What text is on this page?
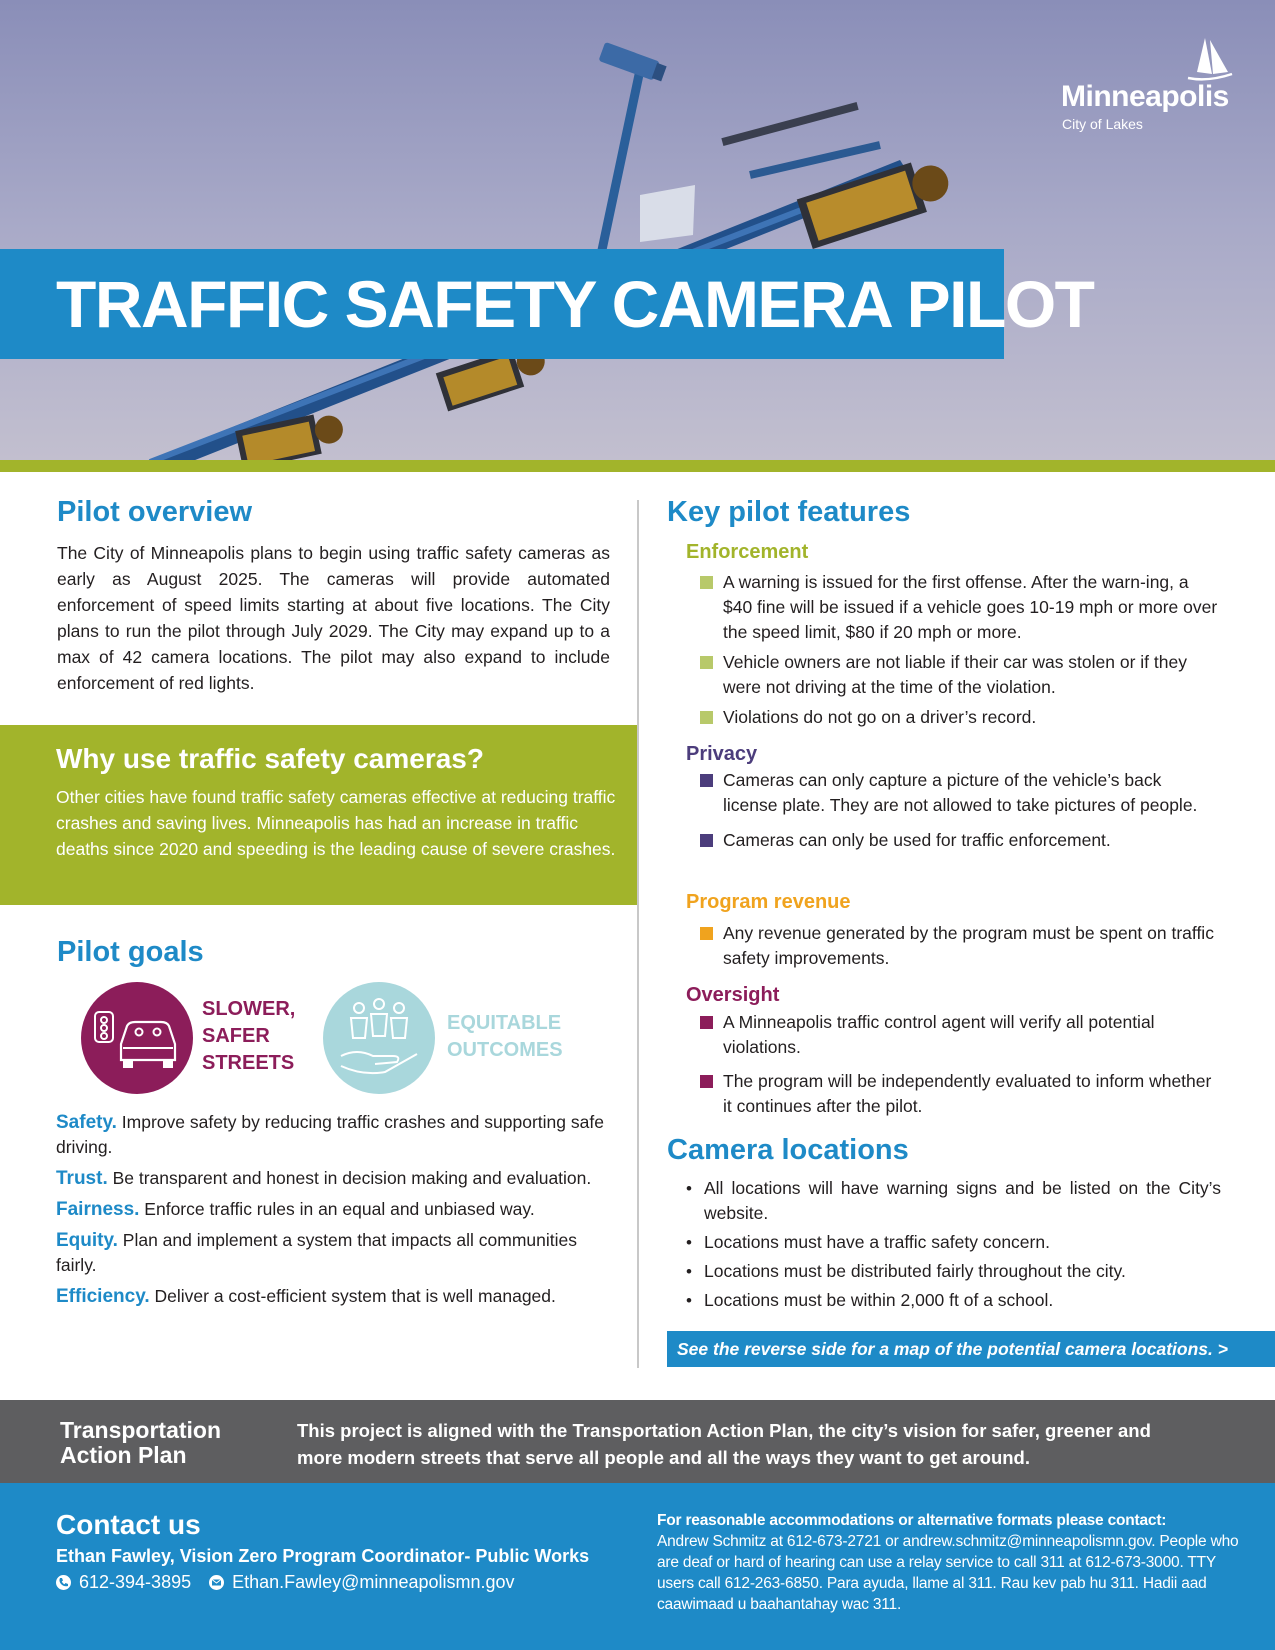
TRAFFIC SAFETY CAMERA PILOT
Minneapolis
City of Lakes
Pilot overview
The City of Minneapolis plans to begin using traffic safety cameras as early as August 2025. The cameras will provide automated enforcement of speed limits starting at about five locations. The City plans to run the pilot through July 2029. The City may expand up to a max of 42 camera locations. The pilot may also expand to include enforcement of red lights.
Why use traffic safety cameras?
Other cities have found traffic safety cameras effective at reducing traffic crashes and saving lives. Minneapolis has had an increase in traffic deaths since 2020 and speeding is the leading cause of severe crashes.
Pilot goals
SLOWER,
SAFER
STREETS
EQUITABLE
OUTCOMES
Safety. Improve safety by reducing traffic crashes and supporting safe driving.
Trust. Be transparent and honest in decision making and evaluation.
Fairness. Enforce traffic rules in an equal and unbiased way.
Equity. Plan and implement a system that impacts all communities fairly.
Efficiency. Deliver a cost-efficient system that is well managed.
Key pilot features
Enforcement
A warning is issued for the first offense. After the warn-ing, a $40 fine will be issued if a vehicle goes 10-19 mph or more over the speed limit, $80 if 20 mph or more.
Vehicle owners are not liable if their car was stolen or if they were not driving at the time of the violation.
Violations do not go on a driver’s record.
Privacy
Cameras can only capture a picture of the vehicle’s back license plate. They are not allowed to take pictures of people.
Cameras can only be used for traffic enforcement.
Program revenue
Any revenue generated by the program must be spent on traffic safety improvements.
Oversight
A Minneapolis traffic control agent will verify all potential violations.
The program will be independently evaluated to inform whether it continues after the pilot.
Camera locations
• All locations will have warning signs and be listed on the City’s website.
• Locations must have a traffic safety concern.
• Locations must be distributed fairly throughout the city.
• Locations must be within 2,000 ft of a school.
See the reverse side for a map of the potential camera locations. >
Transportation Action Plan
This project is aligned with the Transportation Action Plan, the city’s vision for safer, greener and more modern streets that serve all people and all the ways they want to get around.
Contact us
Ethan Fawley, Vision Zero Program Coordinator- Public Works
612-394-3895 Ethan.Fawley@minneapolismn.gov
For reasonable accommodations or alternative formats please contact:
Andrew Schmitz at 612-673-2721 or andrew.schmitz@minneapolismn.gov. People who are deaf or hard of hearing can use a relay service to call 311 at 612-673-3000. TTY users call 612-263-6850. Para ayuda, llame al 311. Rau kev pab hu 311. Hadii aad caawimaad u baahantahay wac 311.
